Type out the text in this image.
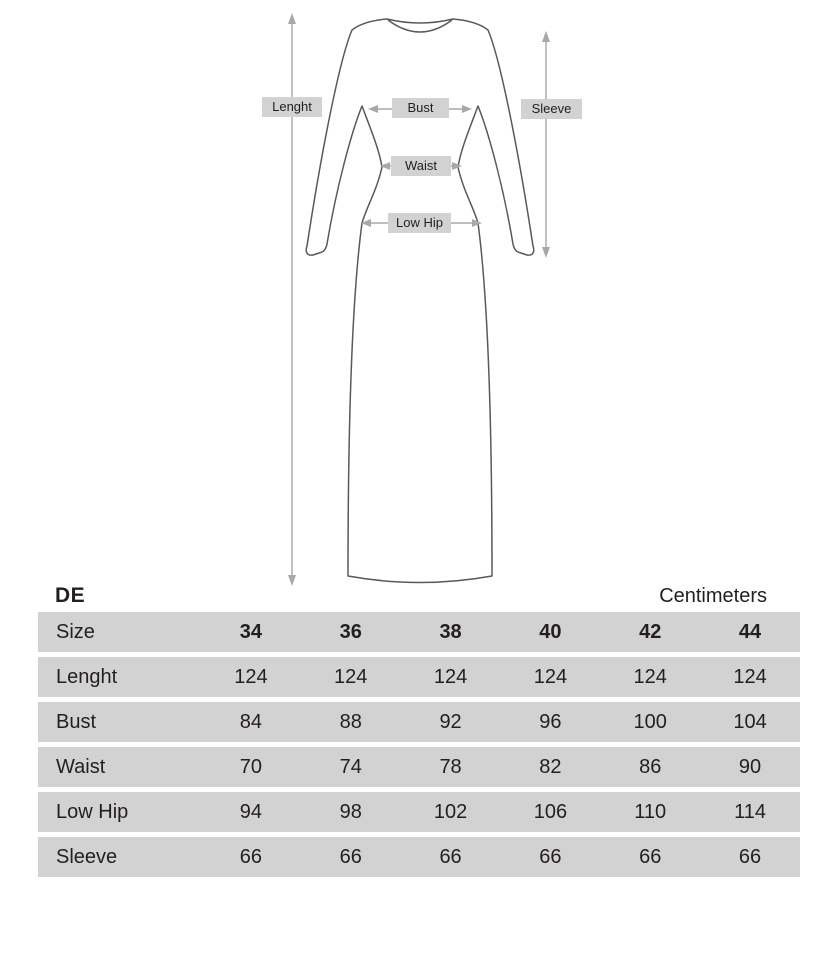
Lenght	Bust
Waist
Low Hip
Sleeve
DE	Centimeters
Size	34	36	38	40	42	44
Lenght	124	124	124	124	124	124
Bust	84	88	92	96	100	104
Waist	70	74	78	82	86	90
Low Hip	94	98	102	106	110	114
Sleeve	66	66	66	66	66	66
